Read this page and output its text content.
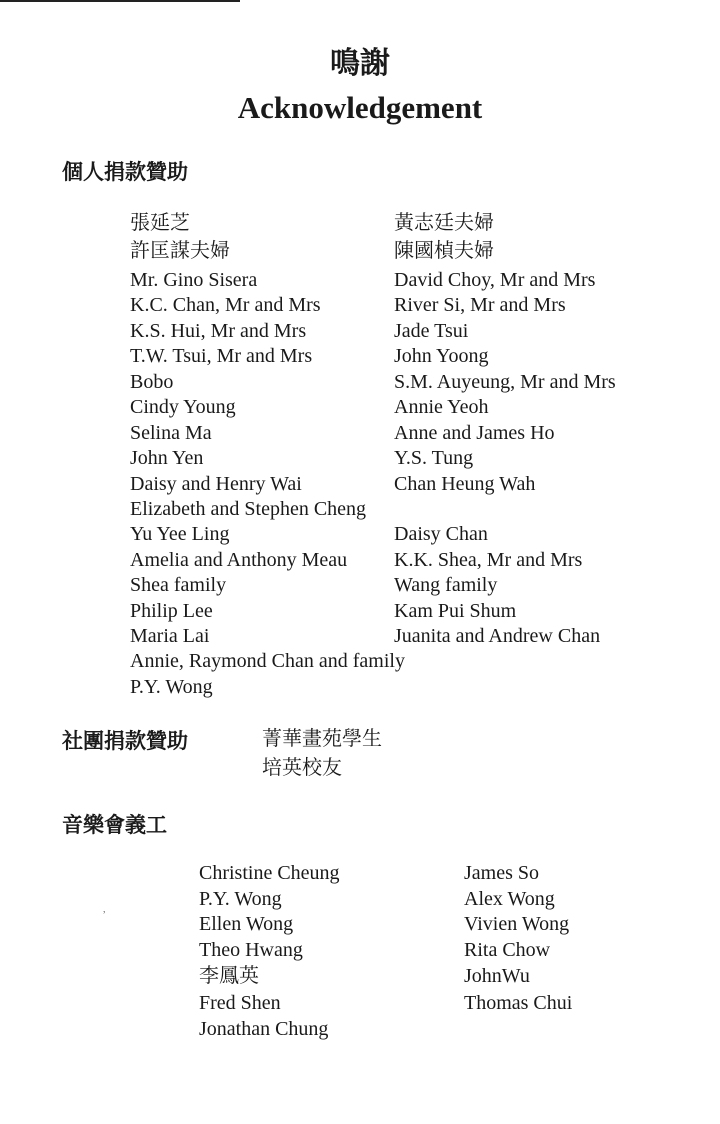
鳴謝
Acknowledgement
個人捐款贊助
張延芝
許匡謀夫婦
Mr. Gino Sisera
K.C. Chan, Mr and Mrs
K.S. Hui, Mr and Mrs
T.W. Tsui, Mr and Mrs
Bobo
Cindy Young
Selina Ma
John Yen
Daisy and Henry Wai
Elizabeth and Stephen Cheng
Yu Yee Ling
Amelia and Anthony Meau
Shea family
Philip Lee
Maria Lai
Annie, Raymond Chan and family
P.Y. Wong
黃志廷夫婦
陳國楨夫婦
David Choy, Mr and Mrs
River Si, Mr and Mrs
Jade Tsui
John Yoong
S.M. Auyeung, Mr and Mrs
Annie Yeoh
Anne and James Ho
Y.S. Tung
Chan Heung Wah
Daisy Chan
K.K. Shea, Mr and Mrs
Wang family
Kam Pui Shum
Juanita and Andrew Chan
社團捐款贊助	菁華畫苑學生
培英校友
音樂會義工
Christine Cheung
P.Y. Wong
Ellen Wong
Theo Hwang
李鳳英
Fred Shen
Jonathan Chung
James So
Alex Wong
Vivien Wong
Rita Chow
JohnWu
Thomas Chui
,
